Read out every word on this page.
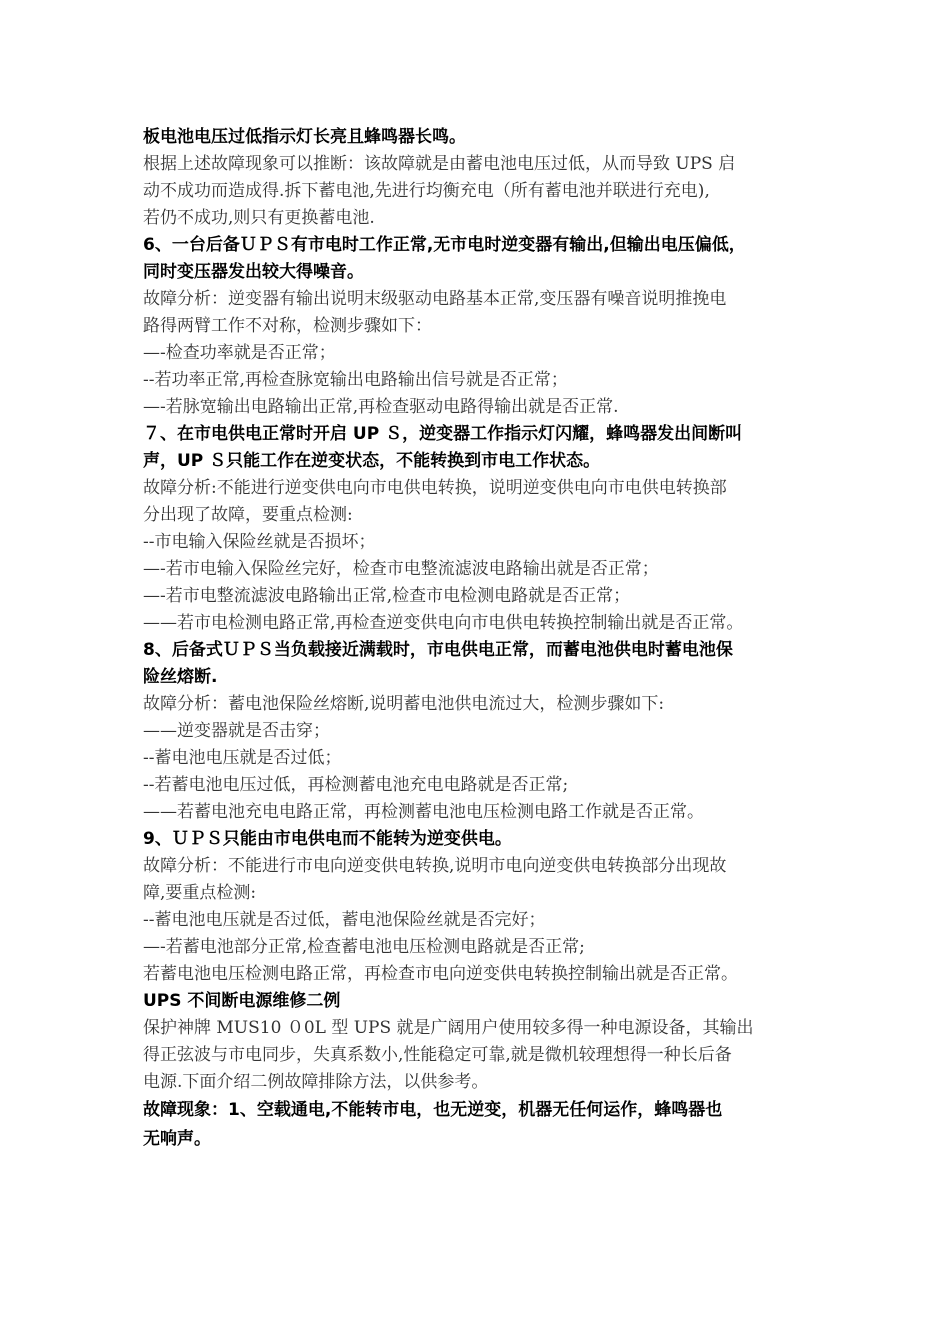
板电池电压过低指示灯长亮且蜂鸣器长鸣。
根据上述故障现象可以推断：该故障就是由蓄电池电压过低，从而导致 UPS 启
动不成功而造成得.拆下蓄电池,先进行均衡充电（所有蓄电池并联进行充电),
若仍不成功,则只有更换蓄电池.
6、一台后备ＵＰＳ有市电时工作正常,无市电时逆变器有输出,但输出电压偏低，
同时变压器发出较大得噪音。
故障分析：逆变器有输出说明末级驱动电路基本正常,变压器有噪音说明推挽电
路得两臂工作不对称，检测步骤如下：
—-检查功率就是否正常；
--若功率正常,再检查脉宽输出电路输出信号就是否正常；
—-若脉宽输出电路输出正常,再检查驱动电路得输出就是否正常.
７、在市电供电正常时开启 UP Ｓ，逆变器工作指示灯闪耀，蜂鸣器发出间断叫
声，UP Ｓ只能工作在逆变状态，不能转换到市电工作状态。
故障分析:不能进行逆变供电向市电供电转换，说明逆变供电向市电供电转换部
分出现了故障，要重点检测:
--市电输入保险丝就是否损坏；
—-若市电输入保险丝完好，检查市电整流滤波电路输出就是否正常；
—-若市电整流滤波电路输出正常,检查市电检测电路就是否正常；
——若市电检测电路正常,再检查逆变供电向市电供电转换控制输出就是否正常。
8、后备式ＵＰＳ当负载接近满载时，市电供电正常，而蓄电池供电时蓄电池保
险丝熔断.
故障分析：蓄电池保险丝熔断,说明蓄电池供电流过大，检测步骤如下:
——逆变器就是否击穿；
--蓄电池电压就是否过低；
--若蓄电池电压过低，再检测蓄电池充电电路就是否正常;
——若蓄电池充电电路正常，再检测蓄电池电压检测电路工作就是否正常。
9、ＵＰＳ只能由市电供电而不能转为逆变供电。
故障分析：不能进行市电向逆变供电转换,说明市电向逆变供电转换部分出现故
障,要重点检测:
--蓄电池电压就是否过低，蓄电池保险丝就是否完好；
—-若蓄电池部分正常,检查蓄电池电压检测电路就是否正常;
若蓄电池电压检测电路正常，再检查市电向逆变供电转换控制输出就是否正常。
UPS 不间断电源维修二例
保护神牌 MUS10 ０0L 型 UPS 就是广阔用户使用较多得一种电源设备，其输出
得正弦波与市电同步，失真系数小,性能稳定可靠,就是微机较理想得一种长后备
电源.下面介绍二例故障排除方法，以供参考。
故障现象：1、空载通电,不能转市电，也无逆变，机器无任何运作，蜂鸣器也
无响声。
